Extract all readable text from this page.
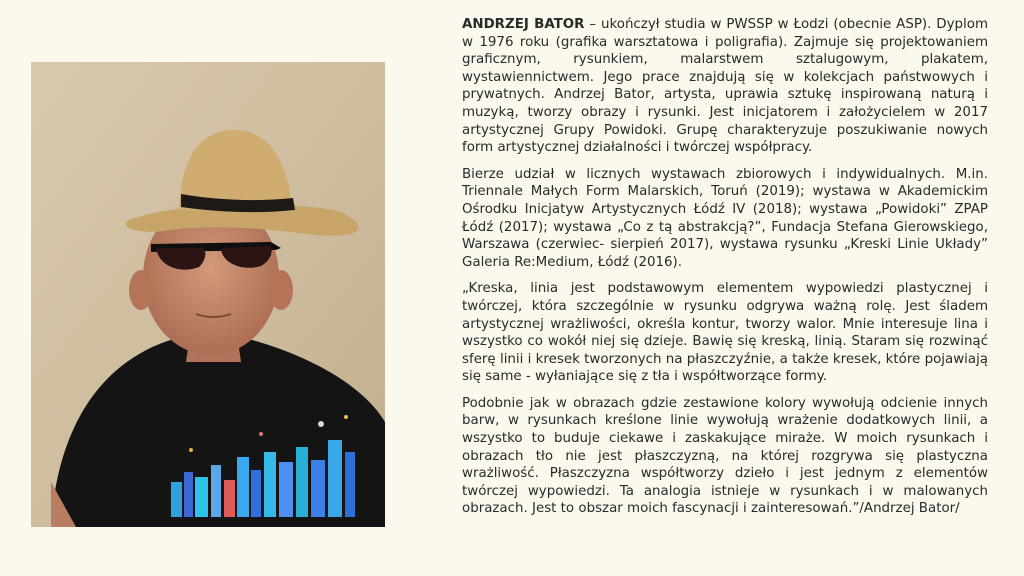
ANDRZEJ BATOR – ukończył studia w PWSSP w Łodzi (obecnie ASP). Dyplom w 1976 roku (grafika warsztatowa i poligrafia). Zajmuje się projektowaniem graficznym, rysunkiem, malarstwem sztalugowym, plakatem, wystawiennictwem. Jego prace znajdują się w kolekcjach państwowych i prywatnych. Andrzej Bator, artysta, uprawia sztukę inspirowaną naturą i muzyką, tworzy obrazy i rysunki. Jest inicjatorem i założycielem w 2017 artystycznej Grupy Powidoki. Grupę charakteryzuje poszukiwanie nowych form artystycznej działalności i twórczej współpracy.

Bierze udział w licznych wystawach zbiorowych i indywidualnych. M.in. Triennale Małych Form Malarskich, Toruń (2019); wystawa w Akademickim Ośrodku Inicjatyw Artystycznych Łódź IV (2018); wystawa „Powidoki” ZPAP Łódź (2017); wystawa „Co z tą abstrakcją?”, Fundacja Stefana Gierowskiego, Warszawa (czerwiec- sierpień 2017), wystawa rysunku „Kreski Linie Układy” Galeria Re:Medium, Łódź (2016).

„Kreska, linia jest podstawowym elementem wypowiedzi plastycznej i twórczej, która szczególnie w rysunku odgrywa ważną rolę. Jest śladem artystycznej wrażliwości, określa kontur, tworzy walor. Mnie interesuje lina i wszystko co wokół niej się dzieje. Bawię się kreską, linią. Staram się rozwinąć sferę linii i kresek tworzonych na płaszczyźnie, a także kresek, które pojawiają się same - wyłaniające się z tła i współtworzące formy.

Podobnie jak w obrazach gdzie zestawione kolory wywołują odcienie innych barw, w rysunkach kreślone linie wywołują wrażenie dodatkowych linii, a wszystko to buduje ciekawe i zaskakujące miraże. W moich rysunkach i obrazach tło nie jest płaszczyzną, na której rozgrywa się plastyczna wrażliwość. Płaszczyzna współtworzy dzieło i jest jednym z elementów twórczej wypowiedzi. Ta analogia istnieje w rysunkach i w malowanych obrazach. Jest to obszar moich fascynacji i zainteresowań.”/Andrzej Bator/
